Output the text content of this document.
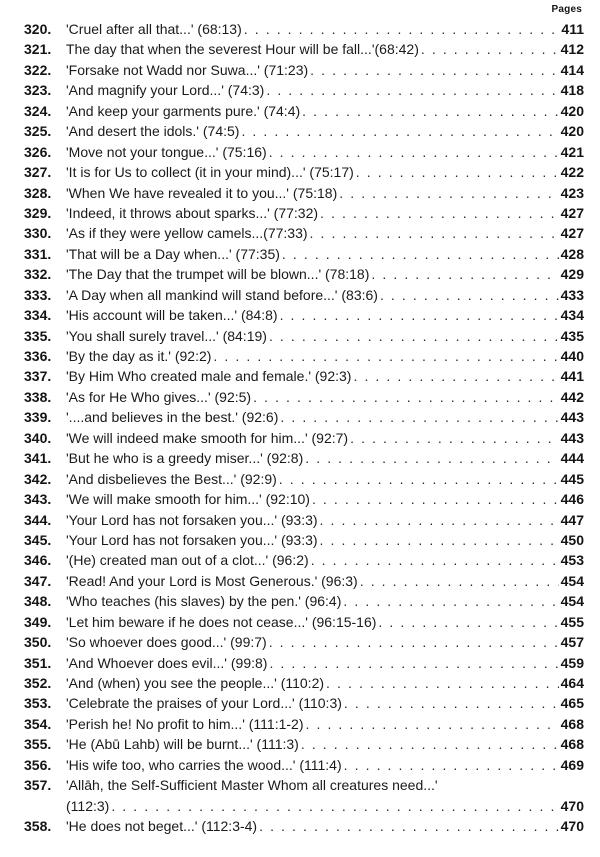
Pages
320.	'Cruel after all that...' (68:13) . . .	411
321.	The day that when the severest Hour will be fall...'(68:42) . . .	412
322.	'Forsake not Wadd nor Suwa...' (71:23) . . .	414
323.	'And magnify your Lord...' (74:3) . . .	418
324.	'And keep your garments pure.' (74:4) . . .	420
325.	'And desert the idols.' (74:5) . . .	420
326.	'Move not your tongue...' (75:16) . . .	421
327.	'It is for Us to collect (it in your mind)...' (75:17) . . .	422
328.	'When We have revealed it to you...' (75:18) . . .	423
329.	'Indeed, it throws about sparks...' (77:32) . . .	427
330.	'As if they were yellow camels...(77:33) . . .	427
331.	'That will be a Day when...' (77:35) . . .	428
332.	'The Day that the trumpet will be blown...' (78:18) . . .	429
333.	'A Day when all mankind will stand before...' (83:6) . . .	433
334.	'His account will be taken...' (84:8) . . .	434
335.	'You shall surely travel...' (84:19) . . .	435
336.	'By the day as it.' (92:2) . . .	440
337.	'By Him Who created male and female.' (92:3) . . .	441
338.	'As for He Who gives...' (92:5) . . .	442
339.	'....and believes in the best.' (92:6) . . .	443
340.	'We will indeed make smooth for him...' (92:7) . . .	443
341.	'But he who is a greedy miser...' (92:8) . . .	444
342.	'And disbelieves the Best...' (92:9) . . .	445
343.	'We will make smooth for him...' (92:10) . . .	446
344.	'Your Lord has not forsaken you...' (93:3) . . .	447
345.	'Your Lord has not forsaken you...' (93:3) . . .	450
346.	'(He) created man out of a clot...' (96:2) . . .	453
347.	'Read! And your Lord is Most Generous.' (96:3) . . .	454
348.	'Who teaches (his slaves) by the pen.' (96:4) . . .	454
349.	'Let him beware if he does not cease...' (96:15-16) . . .	455
350.	'So whoever does good...' (99:7) . . .	457
351.	'And Whoever does evil...' (99:8) . . .	459
352.	'And (when) you see the people...' (110:2) . . .	464
353.	'Celebrate the praises of your Lord...' (110:3) . . .	465
354.	'Perish he! No profit to him...' (111:1-2) . . .	468
355.	'He (Abū Lahb) will be burnt...' (111:3) . . .	468
356.	'His wife too, who carries the wood...' (111:4) . . .	469
357.	'Allāh, the Self-Sufficient Master Whom all creatures need...'
(112:3) . . .	470
358.	'He does not beget...' (112:3-4) . . .	470
